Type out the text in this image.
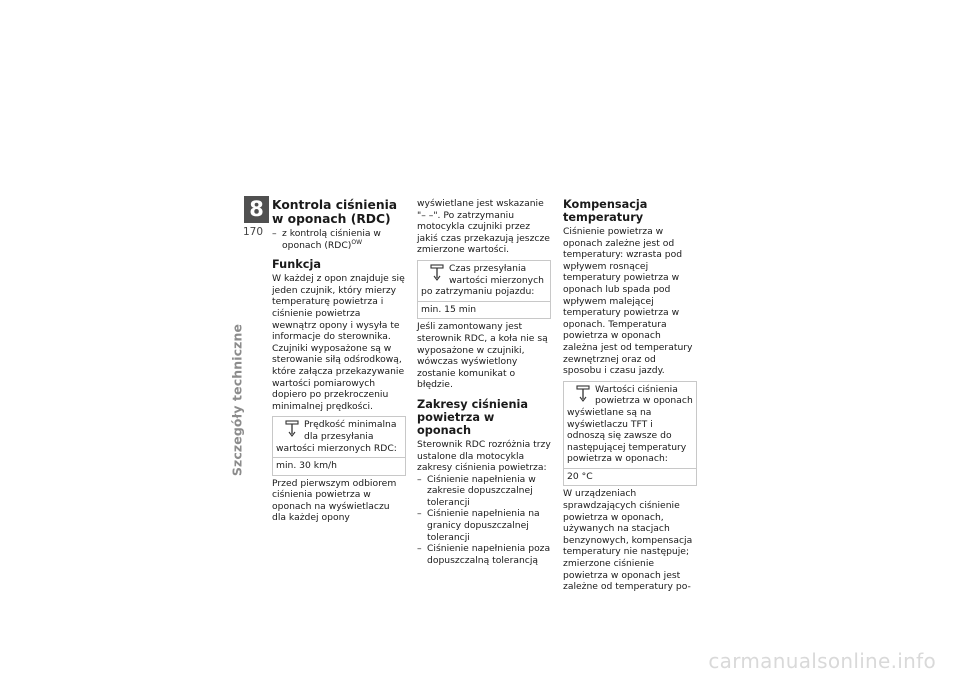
8
170
Szczegóły techniczne
Kontrola ciśnienia
w oponach (RDC)
– z kontrolą ciśnienia w oponach (RDC)$^{OW}$
Funkcja

W każdej z opon znajduje się jeden czujnik, który mierzy temperaturę powietrza i ciśnienie powietrza wewnątrz opony i wysyła te informacje do sterownika. Czujniki wyposażone są w sterowanie siłą odśrodkową, które załącza przekazywanie wartości pomiarowych dopiero po przekroczeniu minimalnej prędkości.

Prędkość minimalna dla przesyłania wartości mierzonych RDC:
min. 30 km/h

Przed pierwszym odbiorem ciśnienia powietrza w oponach na wyświetlaczu dla każdej opony

wyświetlane jest wskazanie "– –". Po zatrzymaniu motocykla czujniki przez jakiś czas przekazują jeszcze zmierzone wartości.

Czas przesyłania wartości mierzonych po zatrzymaniu pojazdu:
min. 15 min

Jeśli zamontowany jest sterownik RDC, a koła nie są wyposażone w czujniki, wówczas wyświetlony zostanie komunikat o błędzie.

Zakresy ciśnienia
powietrza w oponach

Sterownik RDC rozróżnia trzy ustalone dla motocykla zakresy ciśnienia powietrza:

– Ciśnienie napełnienia w zakresie dopuszczalnej tolerancji
– Ciśnienie napełnienia na granicy dopuszczalnej tolerancji
– Ciśnienie napełnienia poza dopuszczalną tolerancją
Kompensacja temperatury

Ciśnienie powietrza w oponach zależne jest od temperatury: wzrasta pod wpływem rosnącej temperatury powietrza w oponach lub spada pod wpływem malejącej temperatury powietrza w oponach. Temperatura powietrza w oponach zależna jest od temperatury zewnętrznej oraz od sposobu i czasu jazdy.

Wartości ciśnienia powietrza w oponach wyświetlane są na wyświetlaczu TFT i odnoszą się zawsze do następującej temperatury powietrza w oponach:
20 °C

W urządzeniach sprawdzających ciśnienie powietrza w oponach, używanych na stacjach benzynowych, kompensacja temperatury nie następuje; zmierzone ciśnienie powietrza w oponach jest zależne od temperatury po-

carmanualsonline.info
